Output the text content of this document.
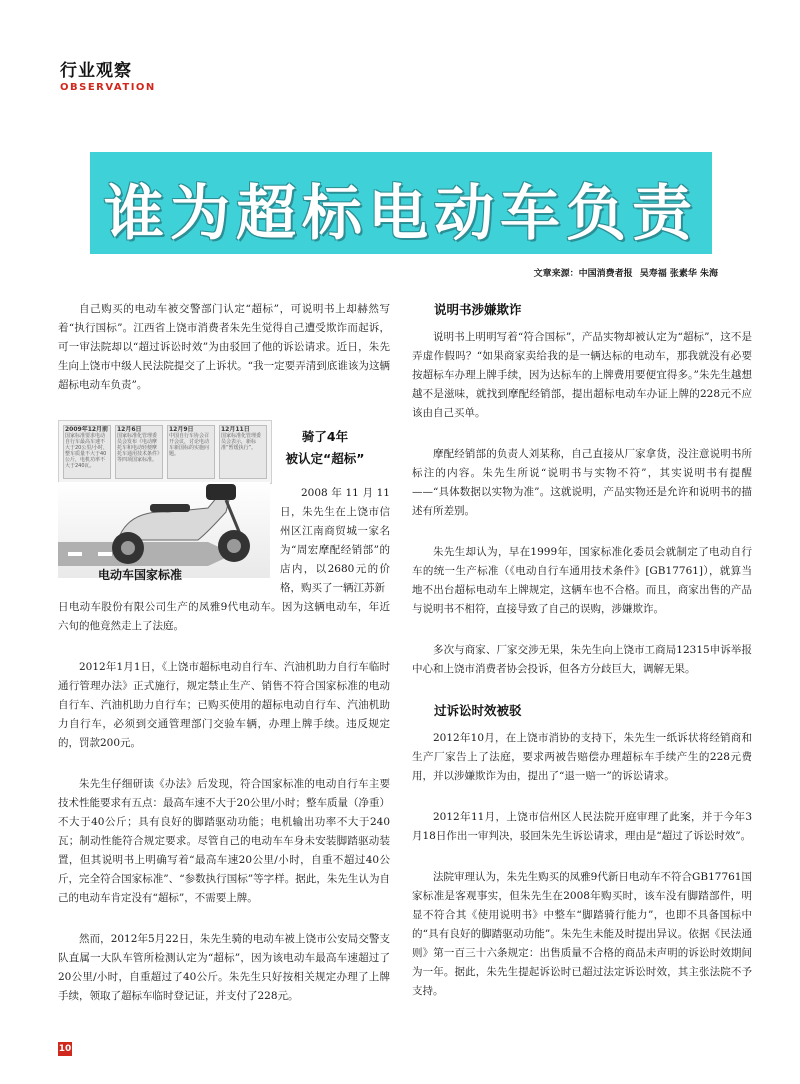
行业观察
OBSERVATION
谁为超标电动车负责
文章来源：中国消费者报 吴寿福 张素华 朱海

自己购买的电动车被交警部门认定“超标”，可说明书上却赫然写着“执行国标”。江西省上饶市消费者朱先生觉得自己遭受欺诈而起诉，可一审法院却以“超过诉讼时效”为由驳回了他的诉讼请求。近日，朱先生向上饶市中级人民法院提交了上诉状。“我一定要弄清到底谁该为这辆超标电动车负责”。

2009年12月前
国家标准要求电动自行车最高车速不大于20公里/小时，整车质量不大于40公斤，电机功率不大于240瓦。
12月6日
国家标准化管理委员会发布《电动摩托车和电动轻便摩托车通用技术条件》等四项国家标准。
12月9日
中国自行车协会召开会议，讨论电动车新国标的实施问题。
12月11日
国家标准化管理委员会表示，新标准“暂缓执行”。
电动车国家标准
骑了4年
被认定“超标”

2008年11月11日，朱先生在上饶市信州区江南商贸城一家名为“周宏摩配经销部”的店内，以2680元的价格，购买了一辆江苏新

日电动车股份有限公司生产的凤雅9代电动车。因为这辆电动车，年近六旬的他竟然走上了法庭。

2012年1月1日，《上饶市超标电动自行车、汽油机助力自行车临时通行管理办法》正式施行，规定禁止生产、销售不符合国家标准的电动自行车、汽油机助力自行车；已购买使用的超标电动自行车、汽油机助力自行车，必须到交通管理部门交验车辆，办理上牌手续。违反规定的，罚款200元。

朱先生仔细研读《办法》后发现，符合国家标准的电动自行车主要技术性能要求有五点：最高车速不大于20公里/小时；整车质量（净重）不大于40公斤；具有良好的脚踏驱动功能；电机输出功率不大于240瓦；制动性能符合规定要求。尽管自己的电动车车身未安装脚踏驱动装置，但其说明书上明确写着“最高车速20公里/小时，自重不超过40公斤，完全符合国家标准”、“参数执行国标”等字样。据此，朱先生认为自己的电动车肯定没有“超标”，不需要上牌。

然而，2012年5月22日，朱先生骑的电动车被上饶市公安局交警支队直属一大队车管所检测认定为“超标”，因为该电动车最高车速超过了20公里/小时，自重超过了40公斤。朱先生只好按相关规定办理了上牌手续，领取了超标车临时登记证，并支付了228元。

说明书涉嫌欺诈

说明书上明明写着“符合国标”，产品实物却被认定为“超标”，这不是弄虚作假吗？“如果商家卖给我的是一辆达标的电动车，那我就没有必要按超标车办理上牌手续，因为达标车的上牌费用要便宜得多。”朱先生越想越不是滋味，就找到摩配经销部，提出超标电动车办证上牌的228元不应该由自己买单。

摩配经销部的负责人刘某称，自己直接从厂家拿货，没注意说明书所标注的内容。朱先生所说“说明书与实物不符”，其实说明书有提醒——“具体数据以实物为准”。这就说明，产品实物还是允许和说明书的描述有所差别。

朱先生却认为，早在1999年，国家标准化委员会就制定了电动自行车的统一生产标准（《电动自行车通用技术条件》[GB17761]），就算当地不出台超标电动车上牌规定，这辆车也不合格。而且，商家出售的产品与说明书不相符，直接导致了自己的误购，涉嫌欺诈。

多次与商家、厂家交涉无果，朱先生向上饶市工商局12315申诉举报中心和上饶市消费者协会投诉，但各方分歧巨大，调解无果。

过诉讼时效被驳

2012年10月，在上饶市消协的支持下，朱先生一纸诉状将经销商和生产厂家告上了法庭，要求两被告赔偿办理超标车手续产生的228元费用，并以涉嫌欺诈为由，提出了“退一赔一”的诉讼请求。

2012年11月，上饶市信州区人民法院开庭审理了此案，并于今年3月18日作出一审判决，驳回朱先生诉讼请求，理由是“超过了诉讼时效”。

法院审理认为，朱先生购买的凤雅9代新日电动车不符合GB17761国家标准是客观事实，但朱先生在2008年购买时，该车没有脚踏部件，明显不符合其《使用说明书》中整车“脚踏骑行能力”，也即不具备国标中的“具有良好的脚踏驱动功能”。朱先生未能及时提出异议。依据《民法通则》第一百三十六条规定：出售质量不合格的商品未声明的诉讼时效期间为一年。据此，朱先生提起诉讼时已超过法定诉讼时效，其主张法院不予支持。

10
